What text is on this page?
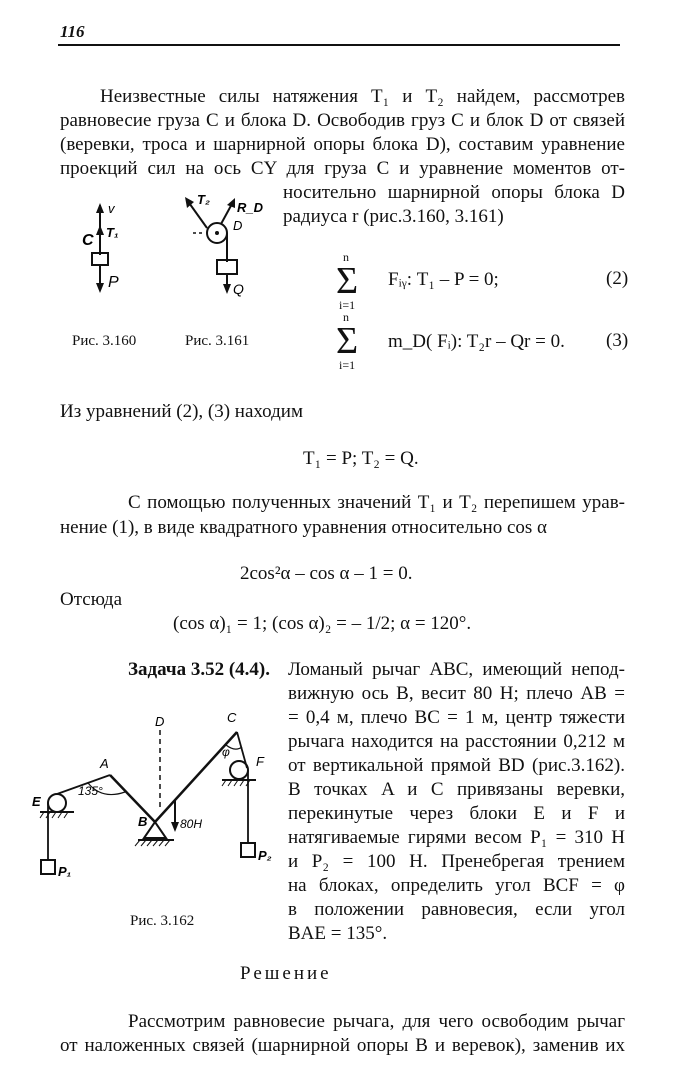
116
Неизвестные силы натяжения T₁ и T₂ найдем, рассмотрев
равновесие груза C и блока D. Освободив груз C и блок D от связей
(веревки, троса и шарнирной опоры блока D), составим уравнение
проекций сил на ось CY для груза C и уравнение моментов от-
носительно шарнирной опоры блока D
радиуса r (рис.3.160, 3.161)
v
C T₁
P
T₂
R_D
D
Q
Рис. 3.160	Рис. 3.161
n
Σ
i=1
Fᵢᵧ: T₁ – P = 0;	(2)
n
Σ
i=1
m_D( Fᵢ): T₂r – Qr = 0. (3)
Из уравнений (2), (3) находим
T₁ = P; T₂ = Q.
С помощью полученных значений T₁ и T₂ перепишем урав-
нение (1), в виде квадратного уравнения относительно cos α
2cos²α – cos α – 1 = 0.
Отсюда
(cos α)₁ = 1; (cos α)₂ = – 1/2; α = 120°.
Задача 3.52 (4.4). Ломаный рычаг ABC, имеющий непод-
вижную ось B, весит 80 Н; плечо AB =
= 0,4 м, плечо BC = 1 м, центр тяжести
рычага находится на расстоянии 0,212 м
от вертикальной прямой BD (рис.3.162).
В точках A и C привязаны веревки,
перекинутые через блоки E и F и
натягиваемые гирями весом P₁ = 310 Н
и P₂ = 100 Н. Пренебрегая трением
на блоках, определить угол BCF = φ
в положении равновесия, если угол
BAE = 135°.
D	C
A
E
B
F
φ
135°
80H
P₁
P₂
Рис. 3.162
Решение
Рассмотрим равновесие рычага, для чего освободим рычаг
от наложенных связей (шарнирной опоры B и веревок), заменив их
